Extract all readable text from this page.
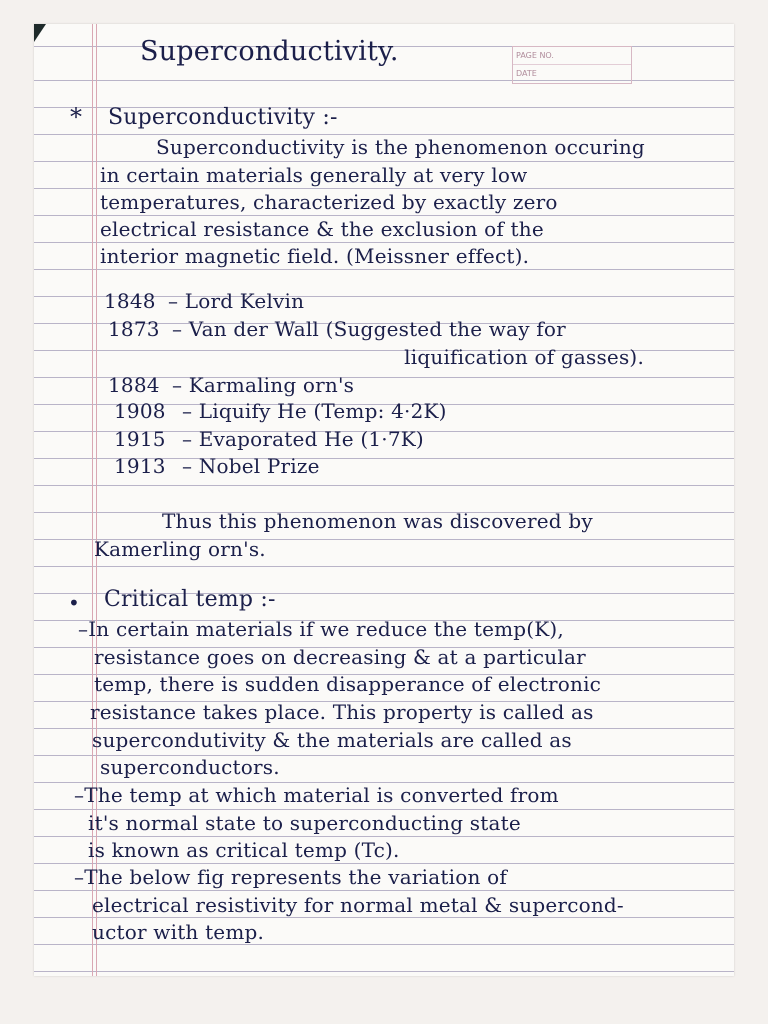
PAGE NO.
DATE
Superconductivity.
* Superconductivity :-
Superconductivity is the phenomenon occuring
in certain materials generally at very low
temperatures, characterized by exactly zero
electrical resistance & the exclusion of the
interior magnetic field. (Meissner effect).
1848 – Lord Kelvin
1873 – Van der Wall (Suggested the way for
liquification of gasses).
1884 – Karmaling orn's
1908 – Liquify He (Temp: 4·2K)
1915 – Evaporated He (1·7K)
1913 – Nobel Prize
Thus this phenomenon was discovered by
Kamerling orn's.
• Critical temp :-
–In certain materials if we reduce the temp(K),
resistance goes on decreasing & at a particular
temp, there is sudden disapperance of electronic
resistance takes place. This property is called as
supercondutivity & the materials are called as
superconductors.
–The temp at which material is converted from
it's normal state to superconducting state
is known as critical temp (Tc).
–The below fig represents the variation of
electrical resistivity for normal metal & supercond-
uctor with temp.
